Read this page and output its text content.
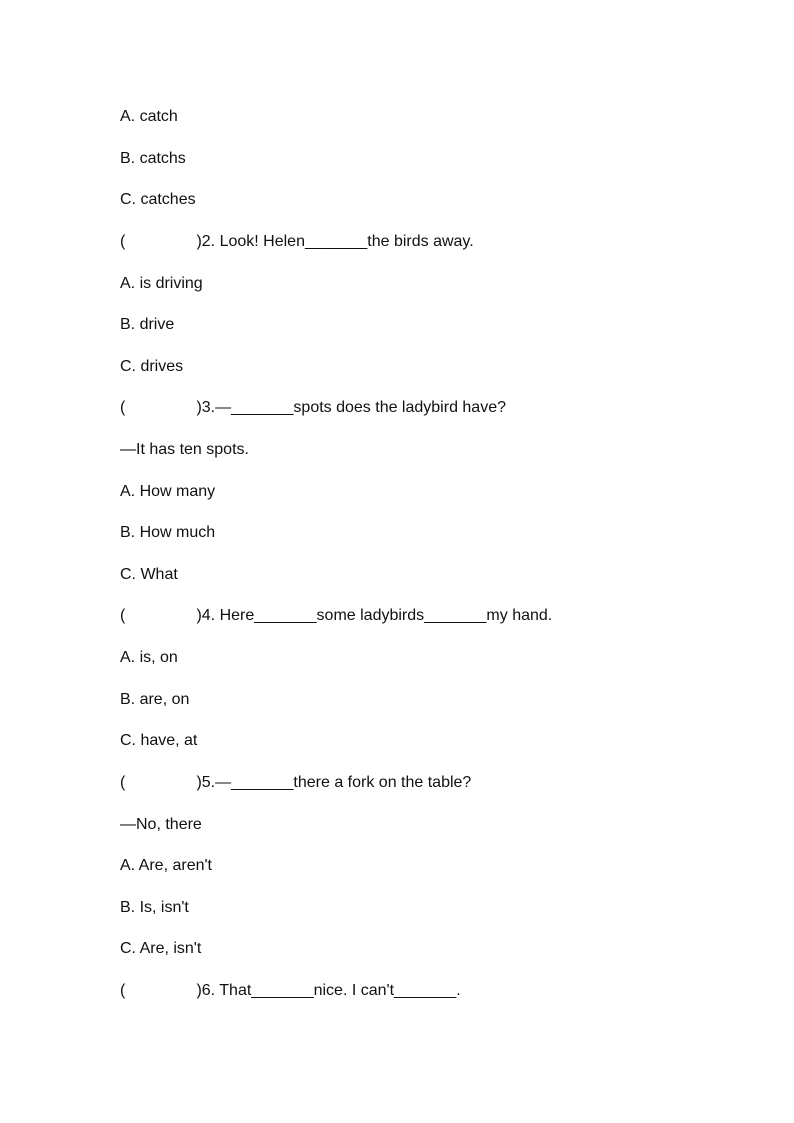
A. catch
B. catchs
C. catches
(                )2. Look! Helen_______the birds away.
A. is driving
B. drive
C. drives
(                )3.—_______spots does the ladybird have?
—It has ten spots.
A. How many
B. How much
C. What
(                )4. Here_______some ladybirds_______my hand.
A. is, on
B. are, on
C. have, at
(                )5.—_______there a fork on the table?
—No, there
A. Are, aren't
B. Is, isn't
C. Are, isn't
(                )6. That_______nice. I can't_______.
